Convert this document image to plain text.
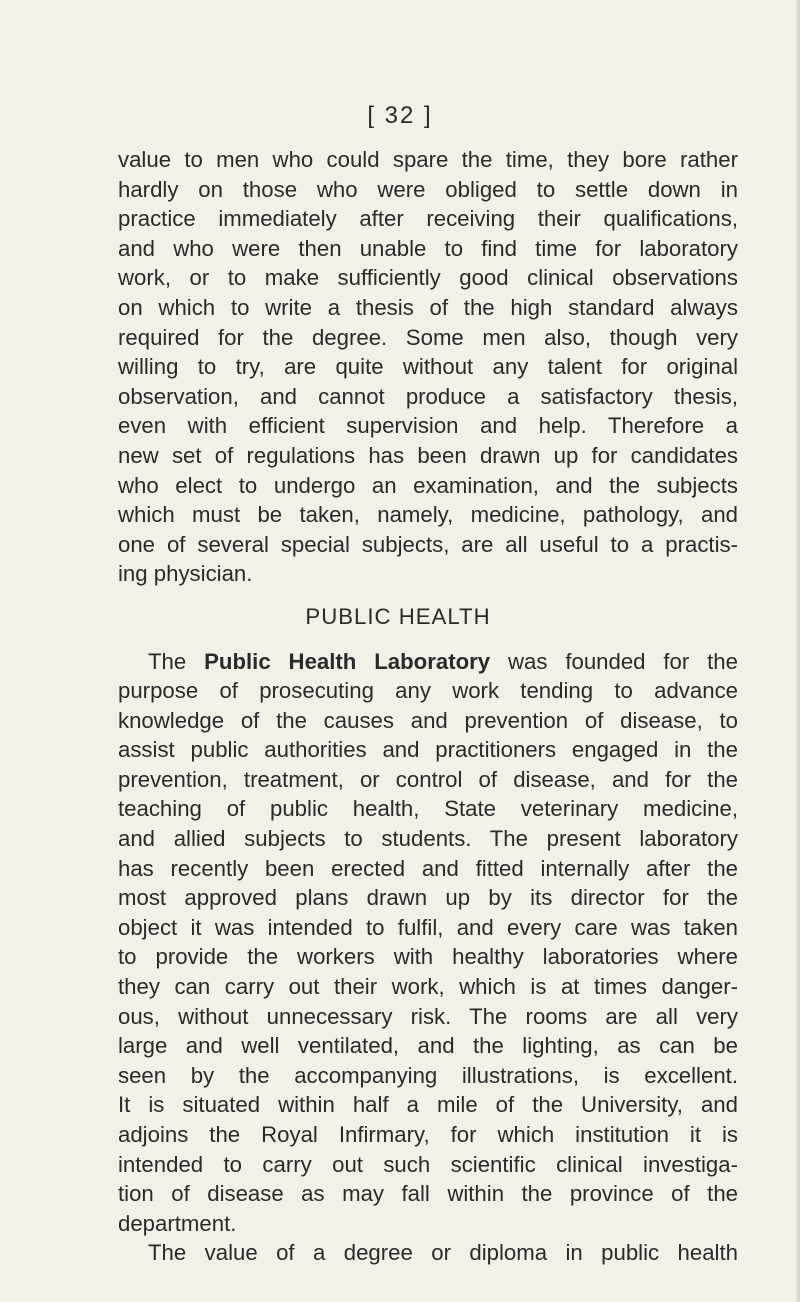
[ 32 ]
value to men who could spare the time, they bore rather
hardly on those who were obliged to settle down in
practice immediately after receiving their qualifications,
and who were then unable to find time for laboratory
work, or to make sufficiently good clinical observations
on which to write a thesis of the high standard always
required for the degree. Some men also, though very
willing to try, are quite without any talent for original
observation, and cannot produce a satisfactory thesis,
even with efficient supervision and help. Therefore a
new set of regulations has been drawn up for candidates
who elect to undergo an examination, and the subjects
which must be taken, namely, medicine, pathology, and
one of several special subjects, are all useful to a practis-
ing physician.
PUBLIC HEALTH
The Public Health Laboratory was founded for the
purpose of prosecuting any work tending to advance
knowledge of the causes and prevention of disease, to
assist public authorities and practitioners engaged in the
prevention, treatment, or control of disease, and for the
teaching of public health, State veterinary medicine,
and allied subjects to students. The present laboratory
has recently been erected and fitted internally after the
most approved plans drawn up by its director for the
object it was intended to fulfil, and every care was taken
to provide the workers with healthy laboratories where
they can carry out their work, which is at times danger-
ous, without unnecessary risk. The rooms are all very
large and well ventilated, and the lighting, as can be
seen by the accompanying illustrations, is excellent.
It is situated within half a mile of the University, and
adjoins the Royal Infirmary, for which institution it is
intended to carry out such scientific clinical investiga-
tion of disease as may fall within the province of the
department.
The value of a degree or diploma in public health
